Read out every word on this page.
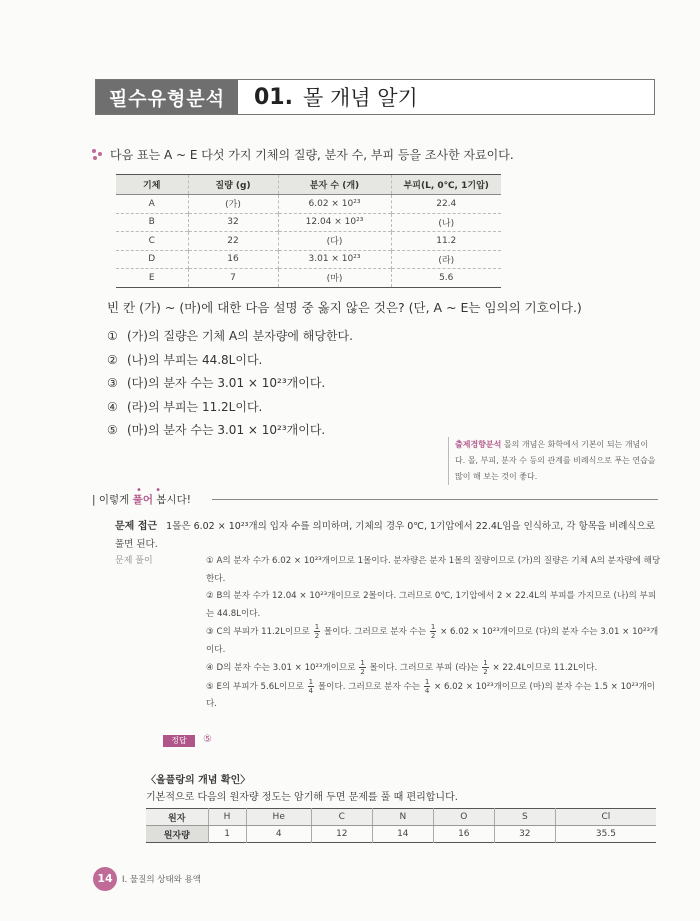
필수유형분석	01. 몰 개념 알기
다음 표는 A ~ E 다섯 가지 기체의 질량, 분자 수, 부피 등을 조사한 자료이다.
기체	질량 (g)	분자 수 (개)	부피(L, 0℃, 1기압)
A	(가)	6.02 × 10²³	22.4
B	32	12.04 × 10²³	(나)
C	22	(다)	11.2
D	16	3.01 × 10²³	(라)
E	7	(마)	5.6
빈 칸 (가) ~ (마)에 대한 다음 설명 중 옳지 않은 것은? (단, A ~ E는 임의의 기호이다.)
① (가)의 질량은 기체 A의 분자량에 해당한다.
② (나)의 부피는 44.8L이다.
③ (다)의 분자 수는 3.01 × 10²³개이다.
④ (라)의 부피는 11.2L이다.
⑤ (마)의 분자 수는 3.01 × 10²³개이다.
출제경향분석 몰의 개념은 화학에서 기본이 되는 개념이다. 몰, 부피, 분자 수 등의 관계를 비례식으로 푸는 연습을 많이 해 보는 것이 좋다.
• •
| 이렇게 풀어 봅시다!
문제 접근 1몰은 6.02 × 10²³개의 입자 수를 의미하며, 기체의 경우 0℃, 1기압에서 22.4L임을 인식하고, 각 항목을 비례식으로 풀면 된다.
문제 풀이	① A의 분자 수가 6.02 × 10²³개이므로 1몰이다. 분자량은 분자 1몰의 질량이므로 (가)의 질량은 기체 A의 분자량에 해당한다.

② B의 분자 수가 12.04 × 10²³개이므로 2몰이다. 그러므로 0℃, 1기압에서 2 × 22.4L의 부피를 가지므로 (나)의 부피는 44.8L이다.

③ C의 부피가 11.2L이므로 $\frac{1}{2}$ 몰이다. 그러므로 분자 수는 $\frac{1}{2} \times 6.02 \times 10^{23}$개이므로 (다)의 분자 수는 3.01 × 10²³개이다.

④ D의 분자 수는 3.01 × 10²³개이므로 $\frac{1}{2}$ 몰이다. 그러므로 부피 (라)는 $\frac{1}{2} \times 22.4L$이므로 11.2L이다.

⑤ E의 부피가 5.6L이므로 $\frac{1}{4}$ 몰이다. 그러므로 분자 수는 $\frac{1}{4} \times 6.02 \times 10^{23}$개이므로 (마)의 분자 수는 1.5 × 10²³개이다.

정답	⑤
〈올플랑의 개념 확인〉
기본적으로 다음의 원자량 정도는 암기해 두면 문제를 풀 때 편리합니다.
원자	H	He	C	N	O	S	Cl
원자량	1	4	12	14	16	32	35.5
14	Ⅰ. 물질의 상태와 용액
